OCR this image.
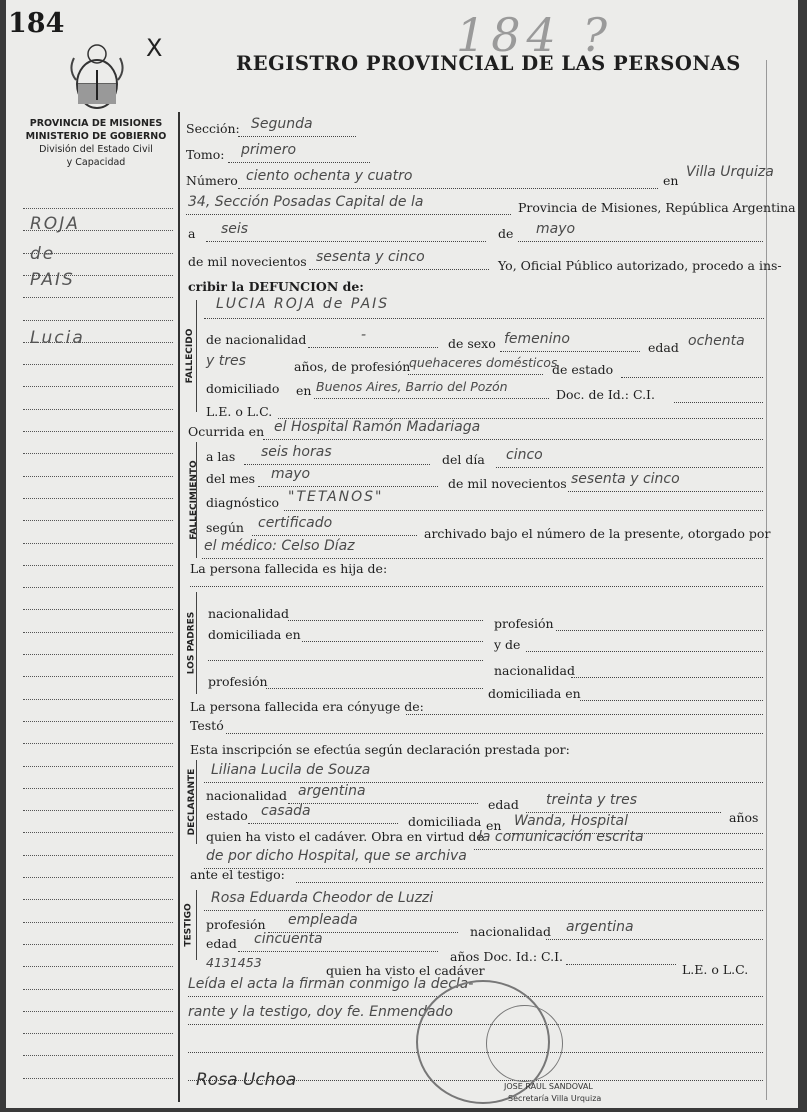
184
X	184 ?
REGISTRO PROVINCIAL DE LAS PERSONAS
PROVINCIA DE MISIONES
MINISTERIO DE GOBIERNO
División del Estado Civil
y Capacidad
ROJA
de
PAIS
Lucia
Sección: Segunda
Tomo: primero
Número ciento ochenta y cuatro	en
Villa Urquiza
34, Sección Posadas Capital de la	Provincia de Misiones, República Argentina
a seis	de mayo
de mil novecientos sesenta y cinco
Yo, Oficial Público autorizado, procedo a ins-
cribir la DEFUNCION de:
FALLECIDO
LUCIA ROJA de PAIS
de nacionalidad	-
de sexo femenino
edad ochenta
y tres	años, de profesión
quehaceres domésticos
de estado
domiciliado en Buenos Aires, Barrio del Pozón
Doc. de Id.: C.I.
L.E. o L.C.
Ocurrida en el Hospital Ramón Madariaga
FALLECIMIENTO
a las seis horas	del día cinco
del mes mayo
de mil novecientos sesenta y cinco
diagnóstico "TETANOS"
según certificado
archivado bajo el número de la presente, otorgado por
el médico: Celso Díaz
La persona fallecida es hija de:
LOS PADRES nacionalidad
profesión
domiciliada en
y de
nacionalidad
profesión
domiciliada en
La persona fallecida era cónyuge de:
Testó
Esta inscripción se efectúa según declaración prestada por:
DECLARANTE Liliana Lucila de Souza
nacionalidad argentina
edad treinta y tres
años
estado casada
domiciliada en Wanda, Hospital
quien ha visto el cadáver. Obra en virtud de
la comunicación escrita
de por dicho Hospital, que se archiva
ante el testigo:
TESTIGO
Rosa Eduarda Cheodor de Luzzi
profesión empleada
nacionalidad argentina
edad cincuenta
años Doc. Id.: C.I.
L.E. o L.C.
4131453
quien ha visto el cadáver
Leída el acta la firman conmigo la decla-
rante y la testigo, doy fe. Enmendado
Rosa Uchoa	JOSE RAUL SANDOVAL
Secretaría Villa Urquiza
